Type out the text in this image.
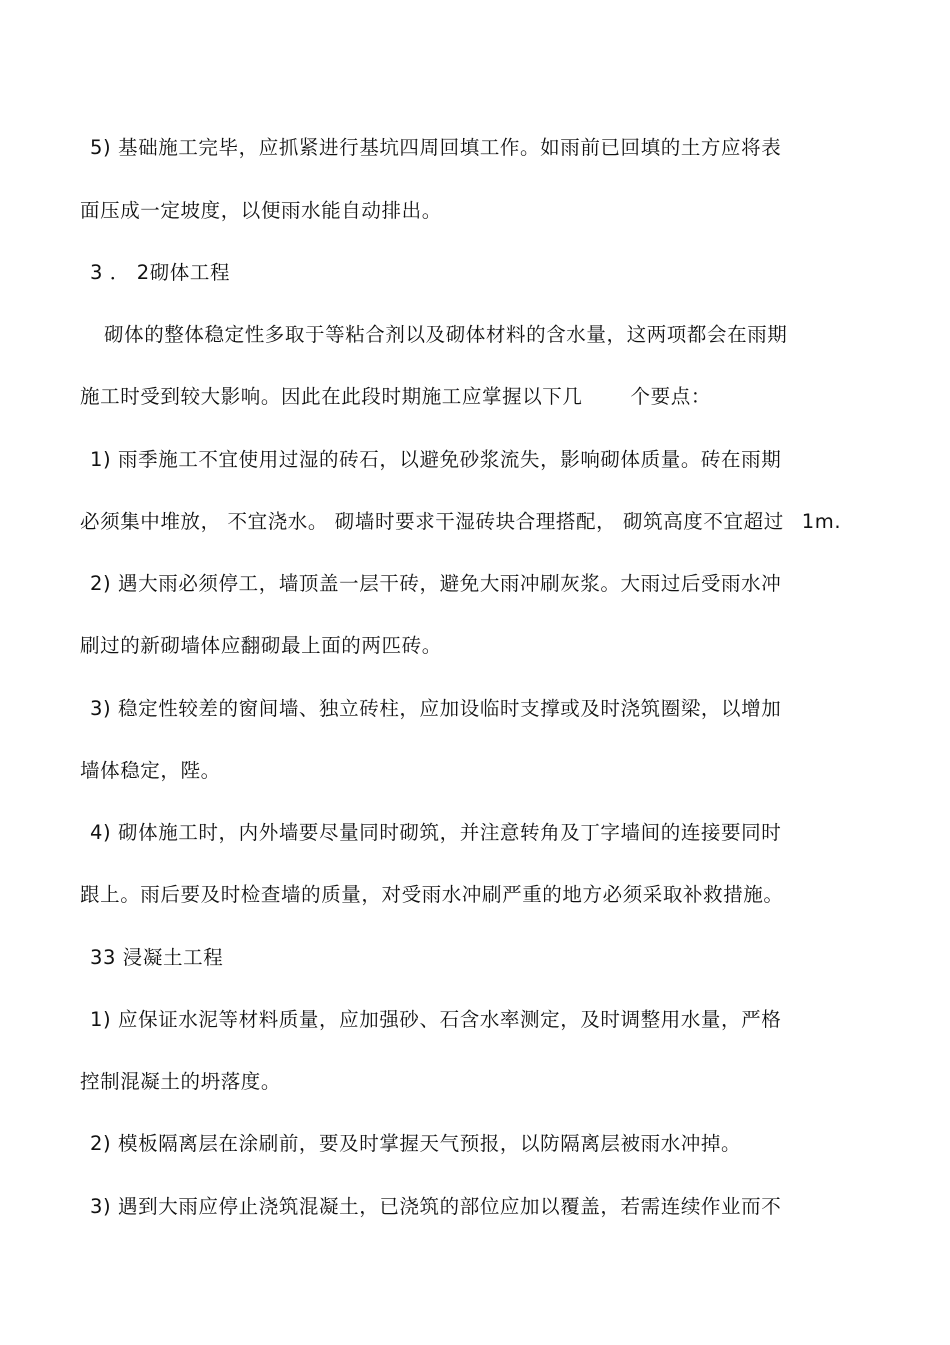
5) 基础施工完毕，应抓紧进行基坑四周回填工作。如雨前已回填的土方应将表
面压成一定坡度，以便雨水能自动排出。
3 ． 2砌体工程
砌体的整体稳定性多取于等粘合剂以及砌体材料的含水量，这两项都会在雨期
施工时受到较大影响。因此在此段时期施工应掌握以下几 个要点：
1) 雨季施工不宜使用过湿的砖石，以避免砂浆流失，影响砌体质量。砖在雨期
必须集中堆放， 不宜浇水。 砌墙时要求干湿砖块合理搭配， 砌筑高度不宜超过 1m.
2) 遇大雨必须停工，墙顶盖一层干砖，避免大雨冲刷灰浆。大雨过后受雨水冲
刷过的新砌墙体应翻砌最上面的两匹砖。
3) 稳定性较差的窗间墙、独立砖柱，应加设临时支撑或及时浇筑圈梁，以增加
墙体稳定，陛。
4) 砌体施工时，内外墙要尽量同时砌筑，并注意转角及丁字墙间的连接要同时
跟上。雨后要及时检查墙的质量，对受雨水冲刷严重的地方必须采取补救措施。
33 浸凝土工程
1) 应保证水泥等材料质量，应加强砂、石含水率测定，及时调整用水量，严格
控制混凝土的坍落度。
2) 模板隔离层在涂刷前，要及时掌握天气预报，以防隔离层被雨水冲掉。
3) 遇到大雨应停止浇筑混凝土，已浇筑的部位应加以覆盖，若需连续作业而不
